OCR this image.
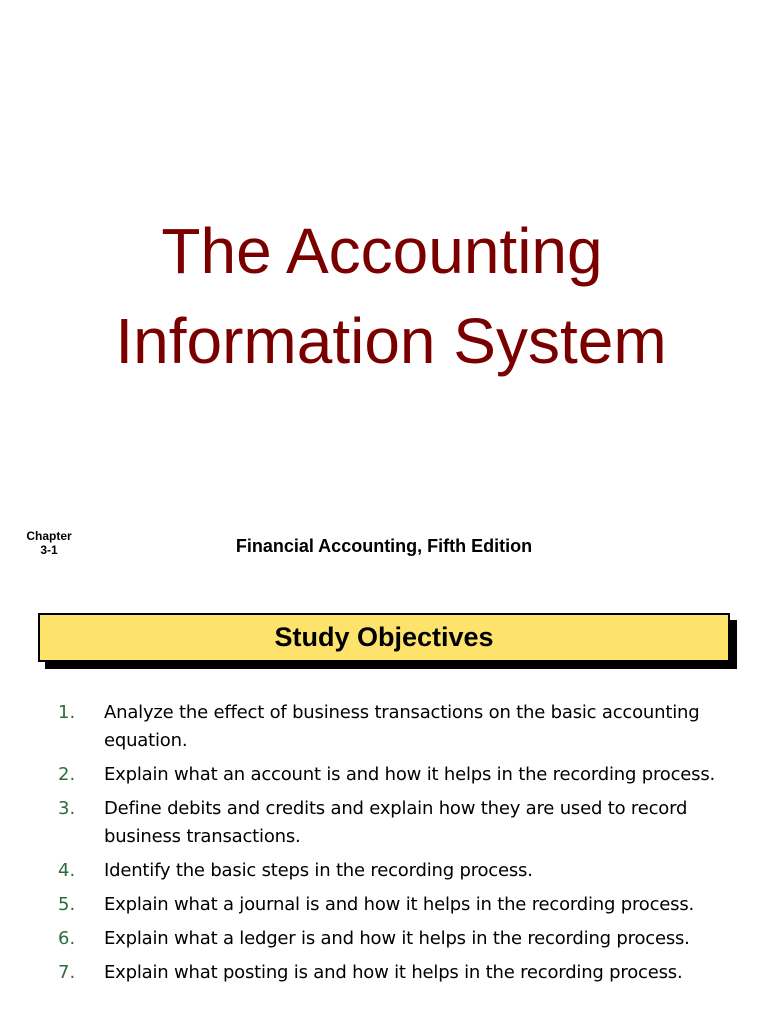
The Accounting
Information System
Chapter
3-1	Financial Accounting, Fifth Edition
Study Objectives
1.	Analyze the effect of business transactions on the basic accounting equation.
2.	Explain what an account is and how it helps in the recording process.
3.	Define debits and credits and explain how they are used to record business transactions.
4.	Identify the basic steps in the recording process.
5.	Explain what a journal is and how it helps in the recording process.
6.	Explain what a ledger is and how it helps in the recording process.
7.	Explain what posting is and how it helps in the recording process.
